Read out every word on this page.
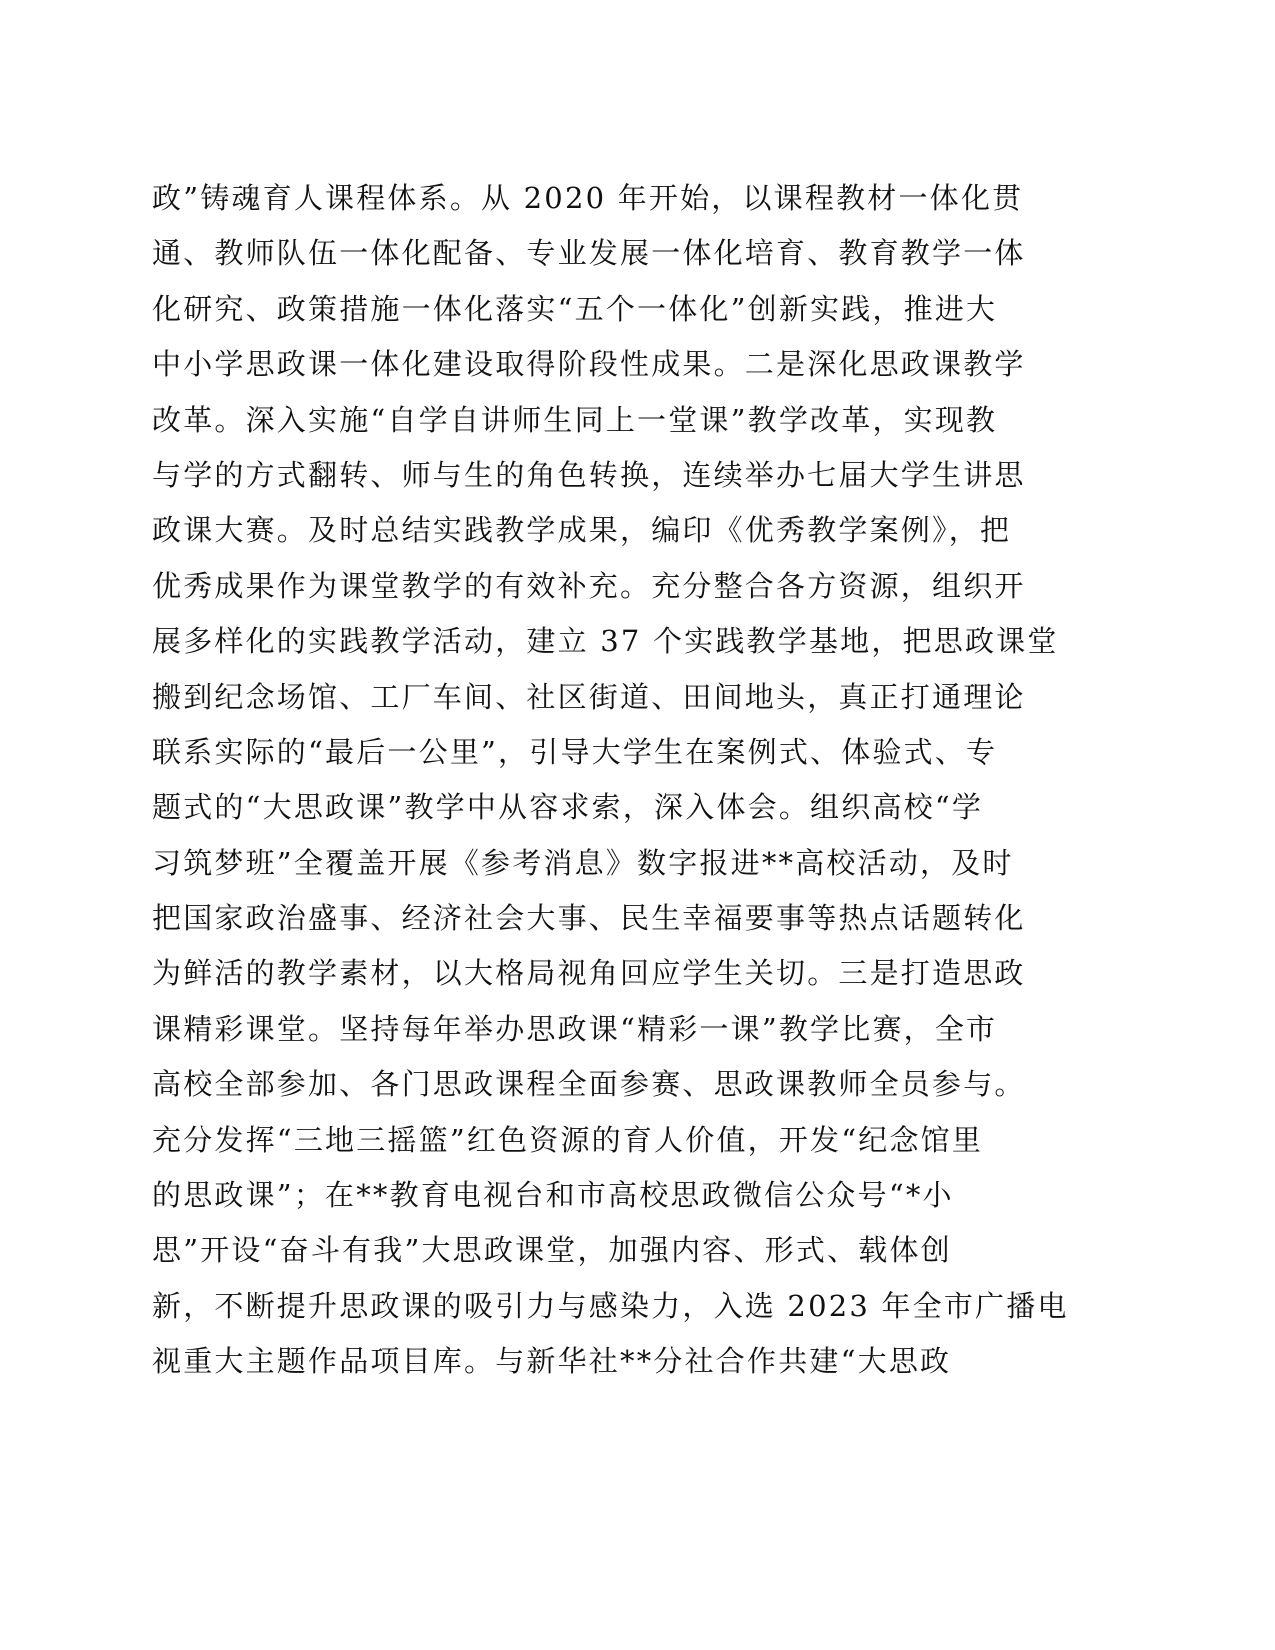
政”铸魂育人课程体系。从 2020 年开始，以课程教材一体化贯
通、教师队伍一体化配备、专业发展一体化培育、教育教学一体
化研究、政策措施一体化落实“五个一体化”创新实践，推进大
中小学思政课一体化建设取得阶段性成果。二是深化思政课教学
改革。深入实施“自学自讲师生同上一堂课”教学改革，实现教
与学的方式翻转、师与生的角色转换，连续举办七届大学生讲思
政课大赛。及时总结实践教学成果，编印《优秀教学案例》，把
优秀成果作为课堂教学的有效补充。充分整合各方资源，组织开
展多样化的实践教学活动，建立 37 个实践教学基地，把思政课堂
搬到纪念场馆、工厂车间、社区街道、田间地头，真正打通理论
联系实际的“最后一公里”，引导大学生在案例式、体验式、专
题式的“大思政课”教学中从容求索，深入体会。组织高校“学
习筑梦班”全覆盖开展《参考消息》数字报进**高校活动，及时
把国家政治盛事、经济社会大事、民生幸福要事等热点话题转化
为鲜活的教学素材，以大格局视角回应学生关切。三是打造思政
课精彩课堂。坚持每年举办思政课“精彩一课”教学比赛，全市
高校全部参加、各门思政课程全面参赛、思政课教师全员参与。
充分发挥“三地三摇篮”红色资源的育人价值，开发“纪念馆里
的思政课”；在**教育电视台和市高校思政微信公众号“*小
思”开设“奋斗有我”大思政课堂，加强内容、形式、载体创
新，不断提升思政课的吸引力与感染力，入选 2023 年全市广播电
视重大主题作品项目库。与新华社**分社合作共建“大思政
